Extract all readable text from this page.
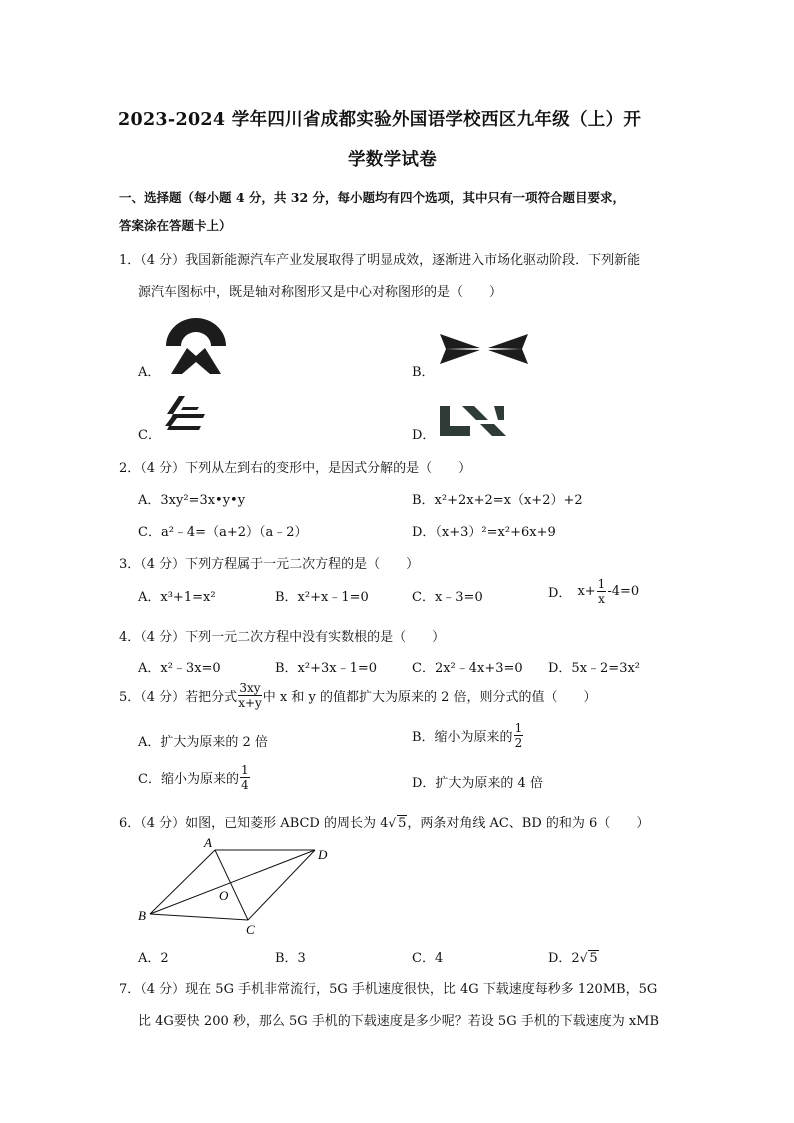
2023-2024 学年四川省成都实验外国语学校西区九年级（上）开
学数学试卷
一、选择题（每小题 4 分，共 32 分，每小题均有四个选项，其中只有一项符合题目要求，
答案涂在答题卡上）
1．（4 分）我国新能源汽车产业发展取得了明显成效，逐渐进入市场化驱动阶段．下列新能
源汽车图标中，既是轴对称图形又是中心对称图形的是（　　）
A．	B．
C．	D．
2．（4 分）下列从左到右的变形中，是因式分解的是（　　）
A．3xy²=3x•y•y	B．x²+2x+2=x（x+2）+2
C．a²﹣4=（a+2）（a﹣2）	D．（x+3）²=x²+6x+9
3．（4 分）下列方程属于一元二次方程的是（　　）
A．x³+1=x²	B．x²+x﹣1=0	C．x﹣3=0	D． $x+ \frac{1}{x} -4=0$
4．（4 分）下列一元二次方程中没有实数根的是（　　）
A．x²﹣3x=0	B．x²+3x﹣1=0	C．2x²﹣4x+3=0 D．5x﹣2=3x²
5．（4 分）若把分式 $\frac{3xy}{x+y}$ 中 x 和 y 的值都扩大为原来的 2 倍，则分式的值（　　）
A．扩大为原来的 2 倍	B．缩小为原来的 $\frac{1}{2}$
C．缩小为原来的 $\frac{1}{4}$	D．扩大为原来的 4 倍
6．（4 分）如图，已知菱形 ABCD 的周长为 4√ 5，两条对角线 AC、BD 的和为 6（　　）
A
D
B
C
O
A．2	B．3	C．4	D．2√ 5
7．（4 分）现在 5G 手机非常流行，5G 手机速度很快，比 4G 下载速度每秒多 120MB，5G
比 4G要快 200 秒，那么 5G 手机的下载速度是多少呢？若设 5G 手机的下载速度为 xMB
